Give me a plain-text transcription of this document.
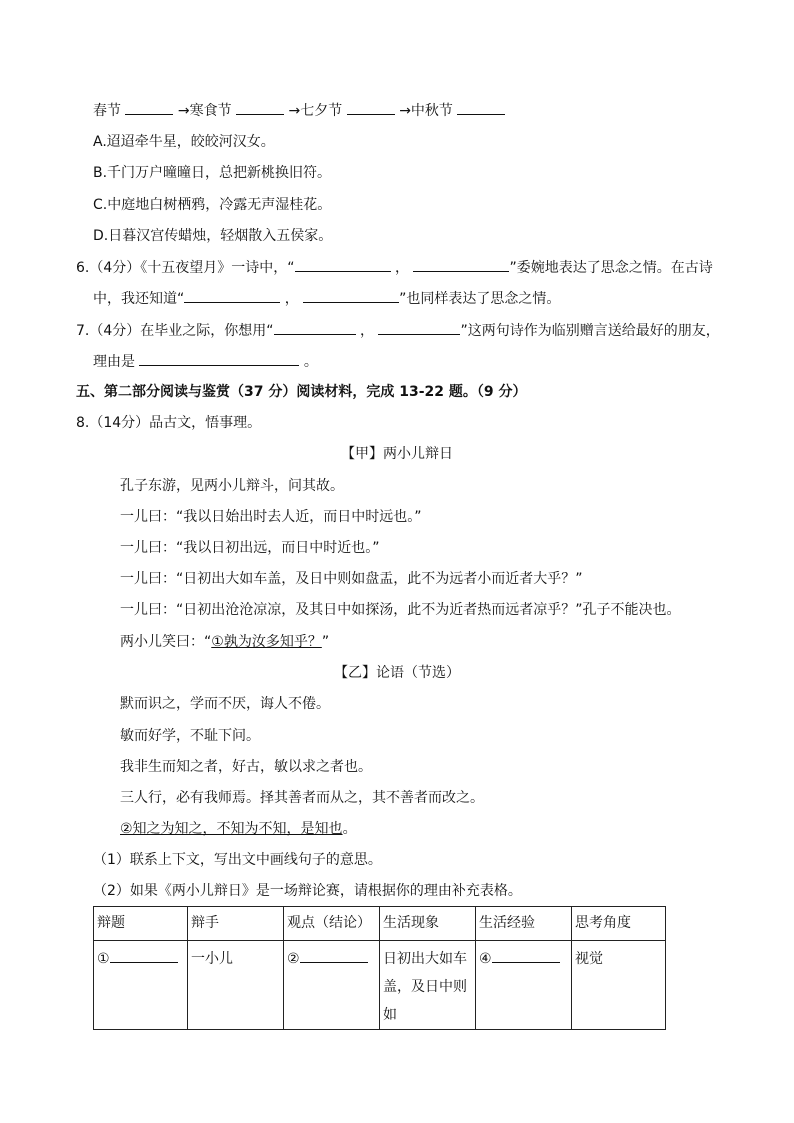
春节	→寒食节	→七夕节	→中秋节
A.迢迢牵牛星，皎皎河汉女。
B.千门万户曈曈日，总把新桃换旧符。
C.中庭地白树栖鸦，冷露无声湿桂花。
D.日暮汉宫传蜡烛，轻烟散入五侯家。
6.（4分）《十五夜望月》一诗中，“	，	”委婉地表达了思念之情。在古诗
中，我还知道“	，	”也同样表达了思念之情。
7.（4分）在毕业之际，你想用“	，	”这两句诗作为临别赠言送给最好的朋友，
理由是	。
五、第二部分阅读与鉴赏（37 分）阅读材料，完成 13-22 题。（9 分）
8.（14分）品古文，悟事理。
【甲】两小儿辩日
孔子东游，见两小儿辩斗，问其故。
一儿曰：“我以日始出时去人近，而日中时远也。”
一儿曰：“我以日初出远，而日中时近也。”
一儿曰：“日初出大如车盖，及日中则如盘盂，此不为远者小而近者大乎？”
一儿曰：“日初出沧沧凉凉，及其日中如探汤，此不为近者热而远者凉乎？”孔子不能决也。
两小儿笑曰：“①孰为汝多知乎？”
【乙】论语（节选）
默而识之，学而不厌，诲人不倦。
敏而好学，不耻下问。
我非生而知之者，好古，敏以求之者也。
三人行，必有我师焉。择其善者而从之，其不善者而改之。
②知之为知之，不知为不知，是知也。
（1）联系上下文，写出文中画线句子的意思。
（2）如果《两小儿辩日》是一场辩论赛，请根据你的理由补充表格。
辩题	辩手	观点（结论）	生活现象	生活经验	思考角度
①	一小儿	②	日初出大如车盖，及日中则如	④	视觉
